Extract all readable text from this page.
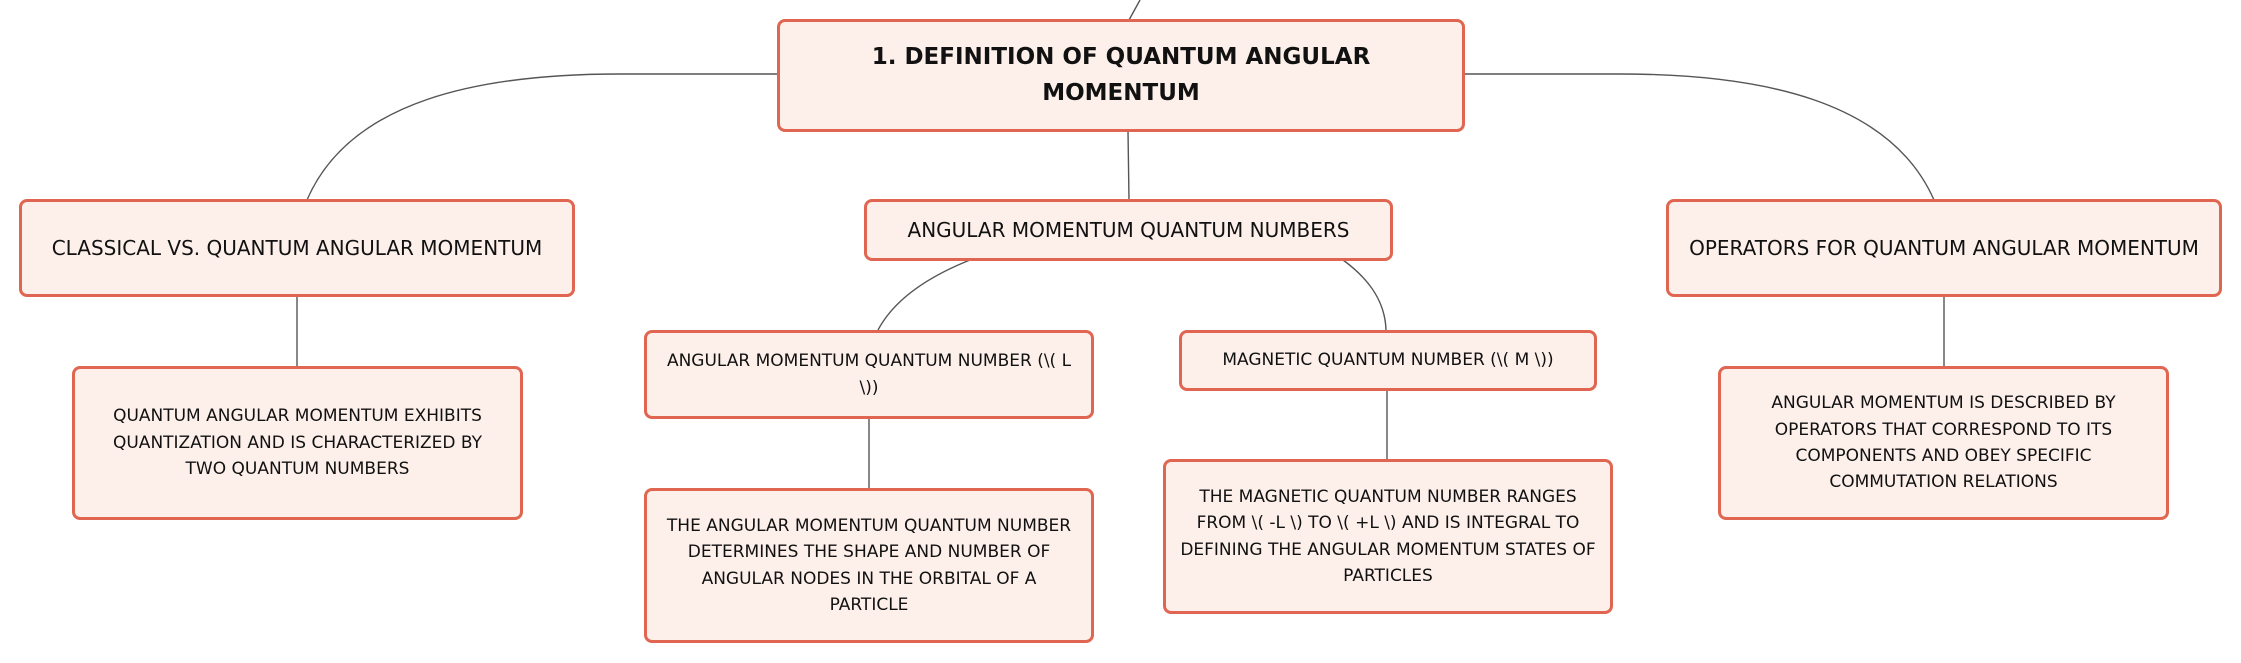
1. DEFINITION OF QUANTUM ANGULAR MOMENTUM
CLASSICAL VS. QUANTUM ANGULAR MOMENTUM
ANGULAR MOMENTUM QUANTUM NUMBERS
OPERATORS FOR QUANTUM ANGULAR MOMENTUM
QUANTUM ANGULAR MOMENTUM EXHIBITS QUANTIZATION AND IS CHARACTERIZED BY TWO QUANTUM NUMBERS
ANGULAR MOMENTUM QUANTUM NUMBER (\( L \))
MAGNETIC QUANTUM NUMBER (\( M \))
ANGULAR MOMENTUM IS DESCRIBED BY OPERATORS THAT CORRESPOND TO ITS COMPONENTS AND OBEY SPECIFIC COMMUTATION RELATIONS
THE ANGULAR MOMENTUM QUANTUM NUMBER DETERMINES THE SHAPE AND NUMBER OF ANGULAR NODES IN THE ORBITAL OF A PARTICLE
THE MAGNETIC QUANTUM NUMBER RANGES FROM \( -L \) TO \( +L \) AND IS INTEGRAL TO DEFINING THE ANGULAR MOMENTUM STATES OF PARTICLES
